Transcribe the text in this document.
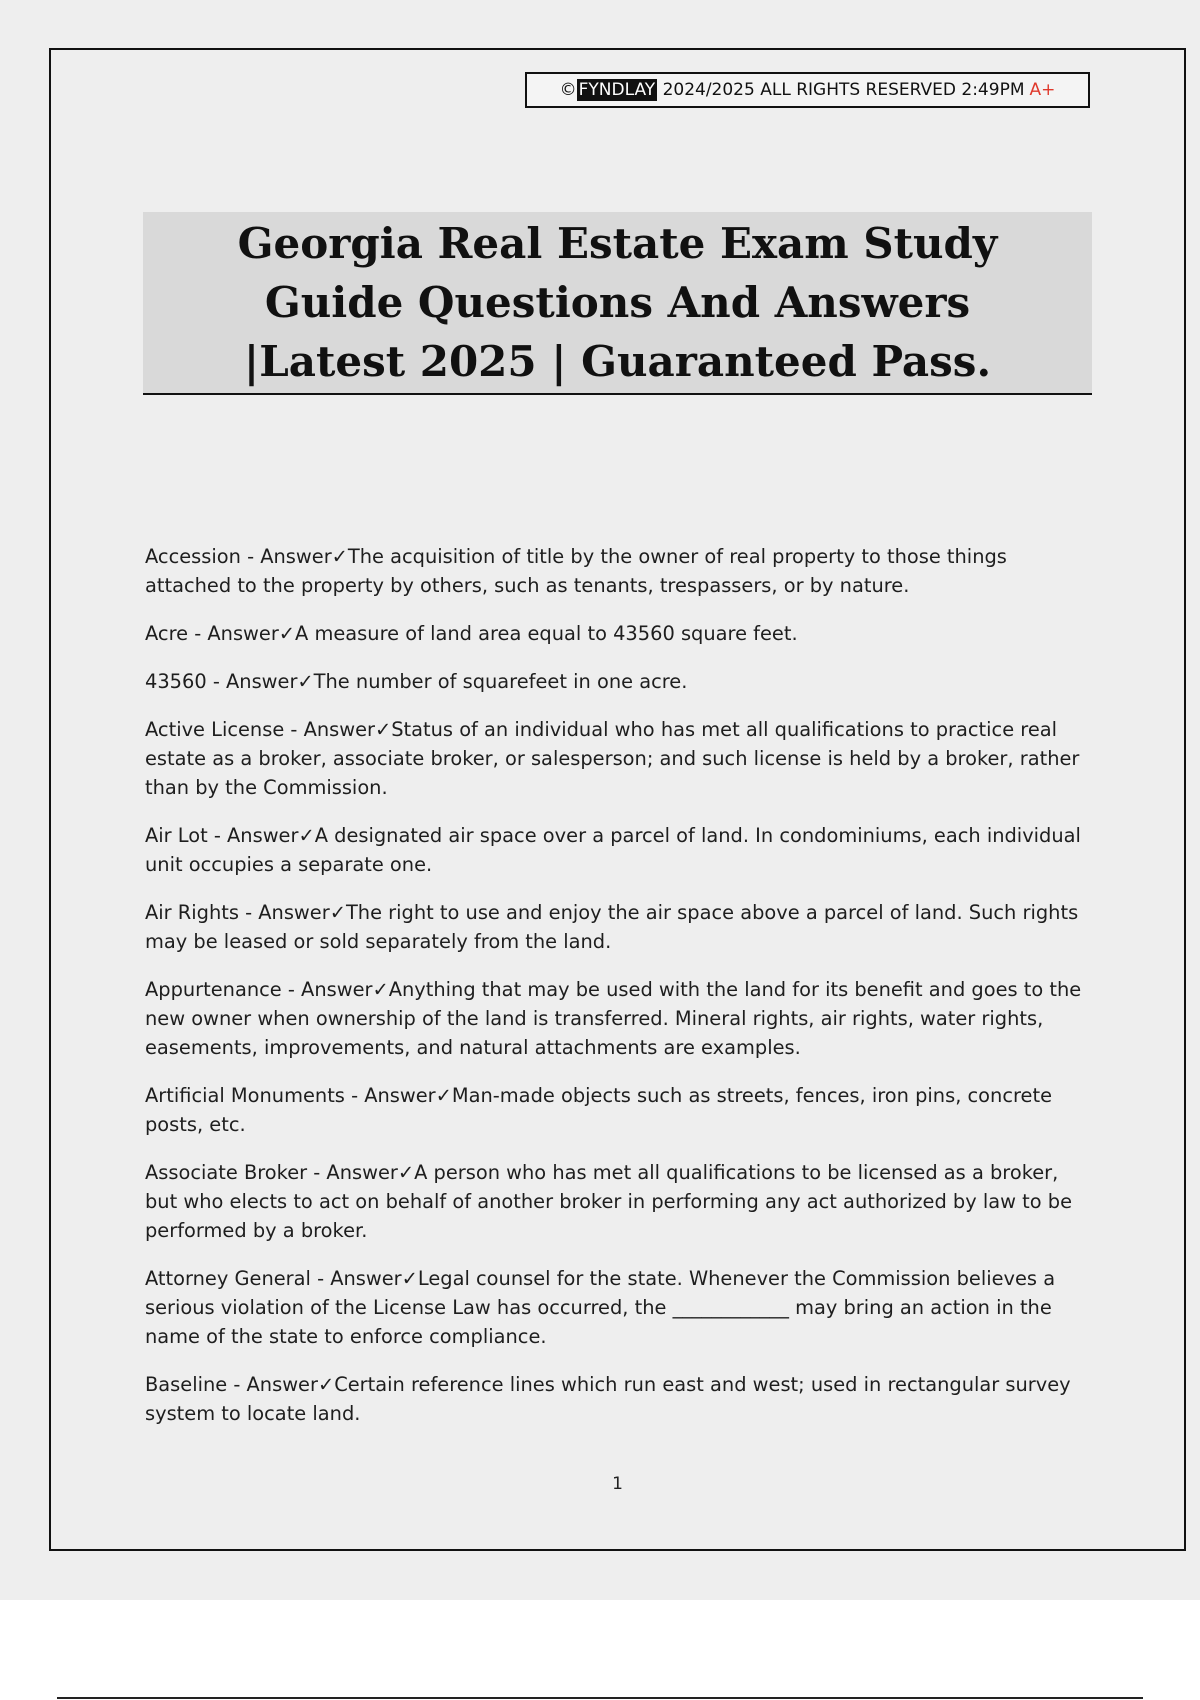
© FYNDLAY
2024/2025 ALL RIGHTS RESERVED 2:49PM A+
Georgia Real Estate Exam Study Guide Questions And Answers |Latest 2025 | Guaranteed Pass.

Accession - Answer✓The acquisition of title by the owner of real property to those things attached to the property by others, such as tenants, trespassers, or by nature.

Acre - Answer✓A measure of land area equal to 43560 square feet.

43560 - Answer✓The number of squarefeet in one acre.

Active License - Answer✓Status of an individual who has met all qualifications to practice real estate as a broker, associate broker, or salesperson; and such license is held by a broker, rather than by the Commission.

Air Lot - Answer✓A designated air space over a parcel of land. In condominiums, each individual unit occupies a separate one.

Air Rights - Answer✓The right to use and enjoy the air space above a parcel of land. Such rights may be leased or sold separately from the land.

Appurtenance - Answer✓Anything that may be used with the land for its benefit and goes to the new owner when ownership of the land is transferred. Mineral rights, air rights, water rights, easements, improvements, and natural attachments are examples.

Artificial Monuments - Answer✓Man-made objects such as streets, fences, iron pins, concrete posts, etc.

Associate Broker - Answer✓A person who has met all qualifications to be licensed as a broker, but who elects to act on behalf of another broker in performing any act authorized by law to be performed by a broker.

Attorney General - Answer✓Legal counsel for the state. Whenever the Commission believes a serious violation of the License Law has occurred, the ____________ may bring an action in the name of the state to enforce compliance.

Baseline - Answer✓Certain reference lines which run east and west; used in rectangular survey system to locate land.

1
